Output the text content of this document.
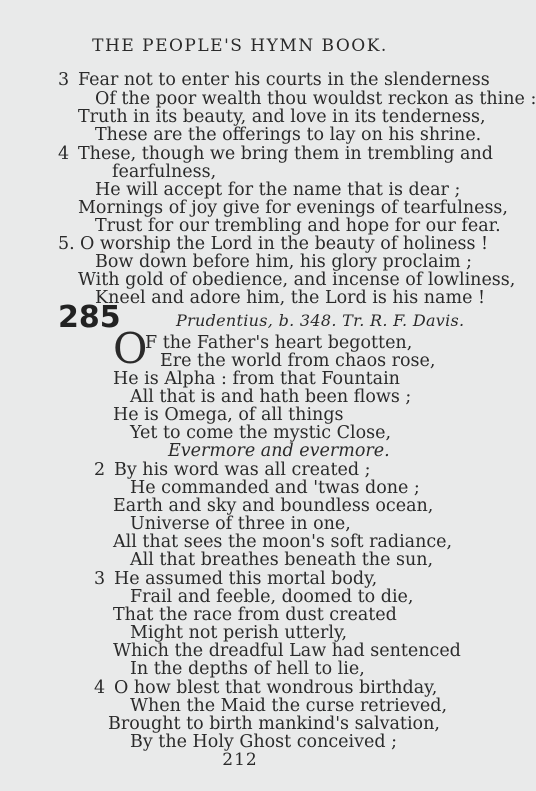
THE PEOPLE'S HYMN BOOK.
3 Fear not to enter his courts in the slenderness
Of the poor wealth thou wouldst reckon as thine :
Truth in its beauty, and love in its tenderness,
These are the offerings to lay on his shrine.
4 These, though we bring them in trembling and
fearfulness,
He will accept for the name that is dear ;
Mornings of joy give for evenings of tearfulness,
Trust for our trembling and hope for our fear.
5. O worship the Lord in the beauty of holiness !
Bow down before him, his glory proclaim ;
With gold of obedience, and incense of lowliness,
Kneel and adore him, the Lord is his name !
285	Prudentius, b. 348. Tr. R. F. Davis.
O
F the Father's heart begotten,
Ere the world from chaos rose,
He is Alpha : from that Fountain
All that is and hath been flows ;
He is Omega, of all things
Yet to come the mystic Close,
Evermore and evermore.
2 By his word was all created ;
He commanded and 'twas done ;
Earth and sky and boundless ocean,
Universe of three in one,
All that sees the moon's soft radiance,
All that breathes beneath the sun,
3 He assumed this mortal body,
Frail and feeble, doomed to die,
That the race from dust created
Might not perish utterly,
Which the dreadful Law had sentenced
In the depths of hell to lie,
4 O how blest that wondrous birthday,
When the Maid the curse retrieved,
Brought to birth mankind's salvation,
By the Holy Ghost conceived ;
212
